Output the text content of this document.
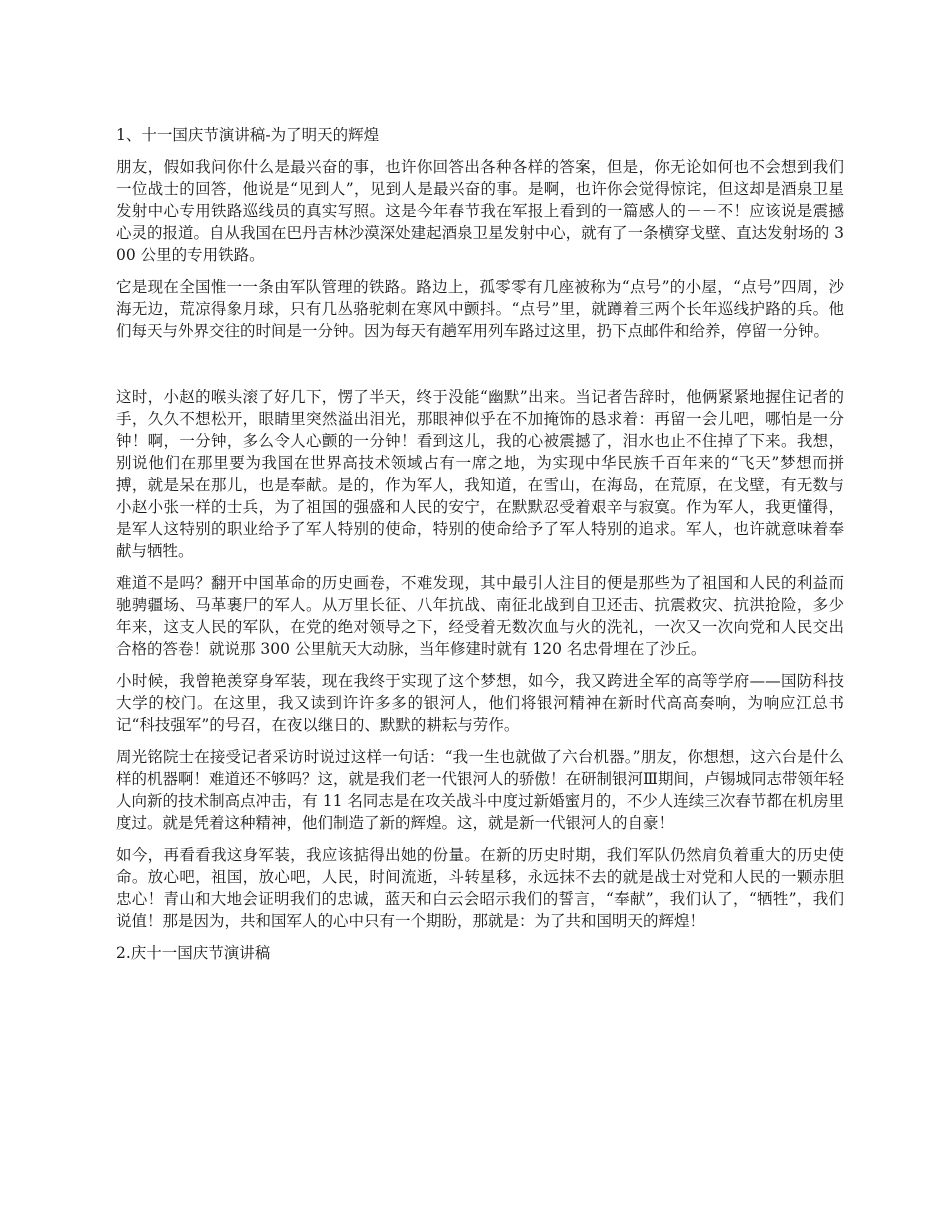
1、十一国庆节演讲稿-为了明天的辉煌

朋友，假如我问你什么是最兴奋的事，也许你回答出各种各样的答案，但是，你无论如何也不会想到我们一位战士的回答，他说是“见到人”，见到人是最兴奋的事。是啊，也许你会觉得惊诧，但这却是酒泉卫星发射中心专用铁路巡线员的真实写照。这是今年春节我在军报上看到的一篇感人的－－不！应该说是震撼心灵的报道。自从我国在巴丹吉林沙漠深处建起酒泉卫星发射中心，就有了一条横穿戈壁、直达发射场的 300 公里的专用铁路。

它是现在全国惟一一条由军队管理的铁路。路边上，孤零零有几座被称为“点号”的小屋，“点号”四周，沙海无边，荒凉得象月球，只有几丛骆驼刺在寒风中颤抖。“点号”里，就蹲着三两个长年巡线护路的兵。他们每天与外界交往的时间是一分钟。因为每天有趟军用列车路过这里，扔下点邮件和给养，停留一分钟。

这时，小赵的喉头滚了好几下，愣了半天，终于没能“幽默”出来。当记者告辞时，他俩紧紧地握住记者的手，久久不想松开，眼睛里突然溢出泪光，那眼神似乎在不加掩饰的恳求着：再留一会儿吧，哪怕是一分钟！啊，一分钟，多么令人心颤的一分钟！看到这儿，我的心被震撼了，泪水也止不住掉了下来。我想，别说他们在那里要为我国在世界高技术领域占有一席之地，为实现中华民族千百年来的“飞天”梦想而拼搏，就是呆在那儿，也是奉献。是的，作为军人，我知道，在雪山，在海岛，在荒原，在戈壁，有无数与小赵小张一样的士兵，为了祖国的强盛和人民的安宁，在默默忍受着艰辛与寂寞。作为军人，我更懂得，是军人这特别的职业给予了军人特别的使命，特别的使命给予了军人特别的追求。军人，也许就意味着奉献与牺牲。

难道不是吗？翻开中国革命的历史画卷，不难发现，其中最引人注目的便是那些为了祖国和人民的利益而驰骋疆场、马革裹尸的军人。从万里长征、八年抗战、南征北战到自卫还击、抗震救灾、抗洪抢险，多少年来，这支人民的军队，在党的绝对领导之下，经受着无数次血与火的洗礼，一次又一次向党和人民交出合格的答卷！就说那 300 公里航天大动脉，当年修建时就有 120 名忠骨埋在了沙丘。

小时候，我曾艳羡穿身军装，现在我终于实现了这个梦想，如今，我又跨进全军的高等学府——国防科技大学的校门。在这里，我又读到许许多多的银河人，他们将银河精神在新时代高高奏响，为响应江总书记“科技强军”的号召，在夜以继日的、默默的耕耘与劳作。

周光铭院士在接受记者采访时说过这样一句话：“我一生也就做了六台机器。”朋友，你想想，这六台是什么样的机器啊！难道还不够吗？这，就是我们老一代银河人的骄傲！在研制银河Ⅲ期间，卢锡城同志带领年轻人向新的技术制高点冲击，有 11 名同志是在攻关战斗中度过新婚蜜月的，不少人连续三次春节都在机房里度过。就是凭着这种精神，他们制造了新的辉煌。这，就是新一代银河人的自豪！

如今，再看看我这身军装，我应该掂得出她的份量。在新的历史时期，我们军队仍然肩负着重大的历史使命。放心吧，祖国，放心吧，人民，时间流逝，斗转星移，永远抹不去的就是战士对党和人民的一颗赤胆忠心！青山和大地会证明我们的忠诚，蓝天和白云会昭示我们的誓言，“奉献”，我们认了，“牺牲”，我们说值！那是因为，共和国军人的心中只有一个期盼，那就是：为了共和国明天的辉煌！

2.庆十一国庆节演讲稿
